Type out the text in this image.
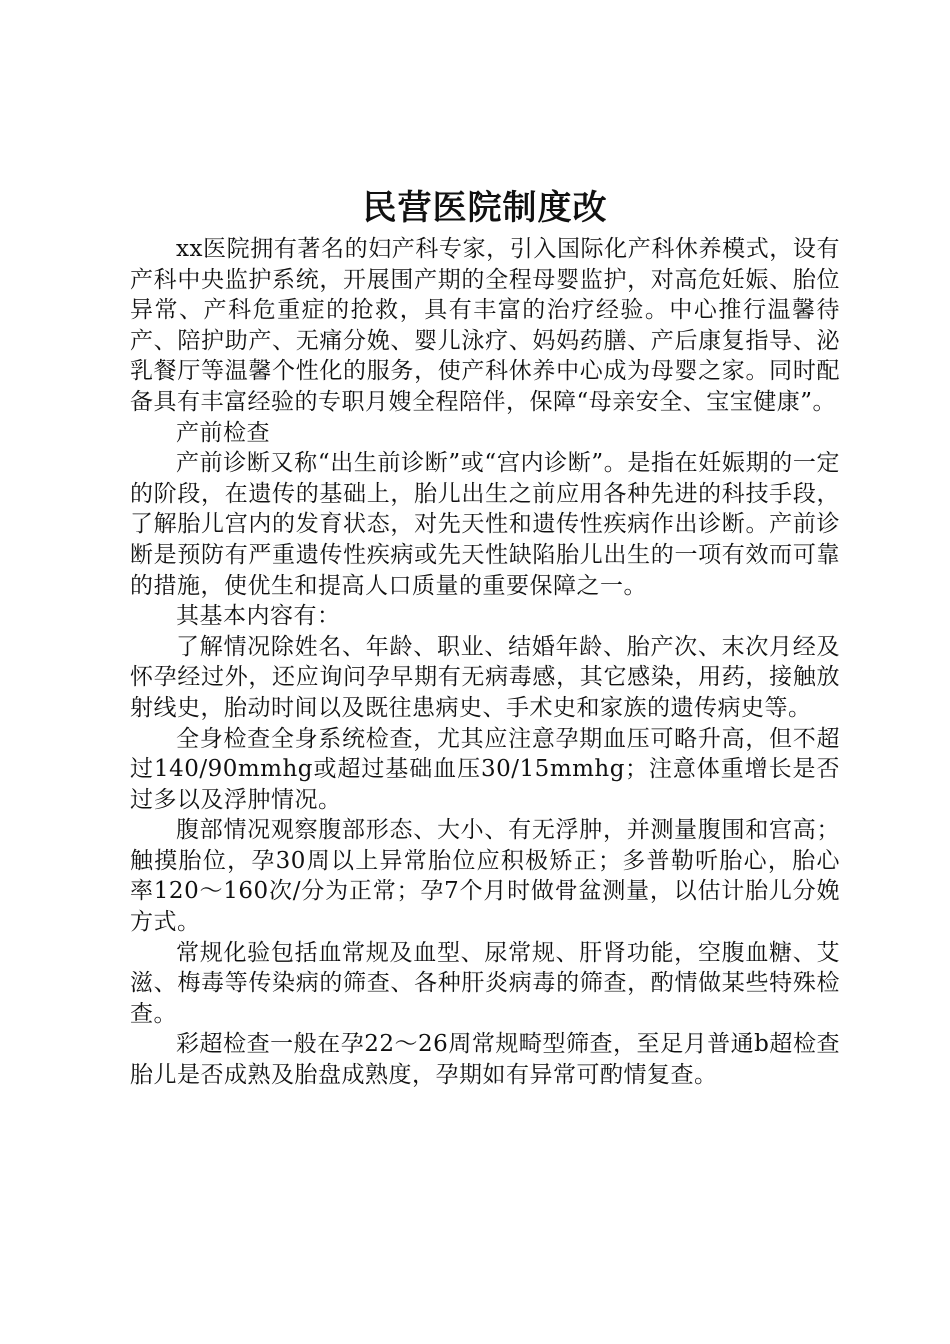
民营医院制度改

xx医院拥有著名的妇产科专家，引入国际化产科休养模式，设有产科中央监护系统，开展围产期的全程母婴监护，对高危妊娠、胎位异常、产科危重症的抢救，具有丰富的治疗经验。中心推行温馨待产、陪护助产、无痛分娩、婴儿泳疗、妈妈药膳、产后康复指导、泌乳餐厅等温馨个性化的服务，使产科休养中心成为母婴之家。同时配备具有丰富经验的专职月嫂全程陪伴，保障“母亲安全、宝宝健康”。

产前检查

产前诊断又称“出生前诊断”或“宫内诊断”。是指在妊娠期的一定的阶段，在遗传的基础上，胎儿出生之前应用各种先进的科技手段，了解胎儿宫内的发育状态，对先天性和遗传性疾病作出诊断。产前诊断是预防有严重遗传性疾病或先天性缺陷胎儿出生的一项有效而可靠的措施，使优生和提高人口质量的重要保障之一。

其基本内容有：

了解情况除姓名、年龄、职业、结婚年龄、胎产次、末次月经及怀孕经过外，还应询问孕早期有无病毒感，其它感染，用药，接触放射线史，胎动时间以及既往患病史、手术史和家族的遗传病史等。

全身检查全身系统检查，尤其应注意孕期血压可略升高，但不超过140/90mmhg或超过基础血压30/15mmhg；注意体重增长是否过多以及浮肿情况。

腹部情况观察腹部形态、大小、有无浮肿，并测量腹围和宫高；触摸胎位，孕30周以上异常胎位应积极矫正；多普勒听胎心，胎心率120～160次/分为正常；孕7个月时做骨盆测量，以估计胎儿分娩方式。

常规化验包括血常规及血型、尿常规、肝肾功能，空腹血糖、艾滋、梅毒等传染病的筛查、各种肝炎病毒的筛查，酌情做某些特殊检查。

彩超检查一般在孕22～26周常规畸型筛查，至足月普通b超检查胎儿是否成熟及胎盘成熟度，孕期如有异常可酌情复查。
